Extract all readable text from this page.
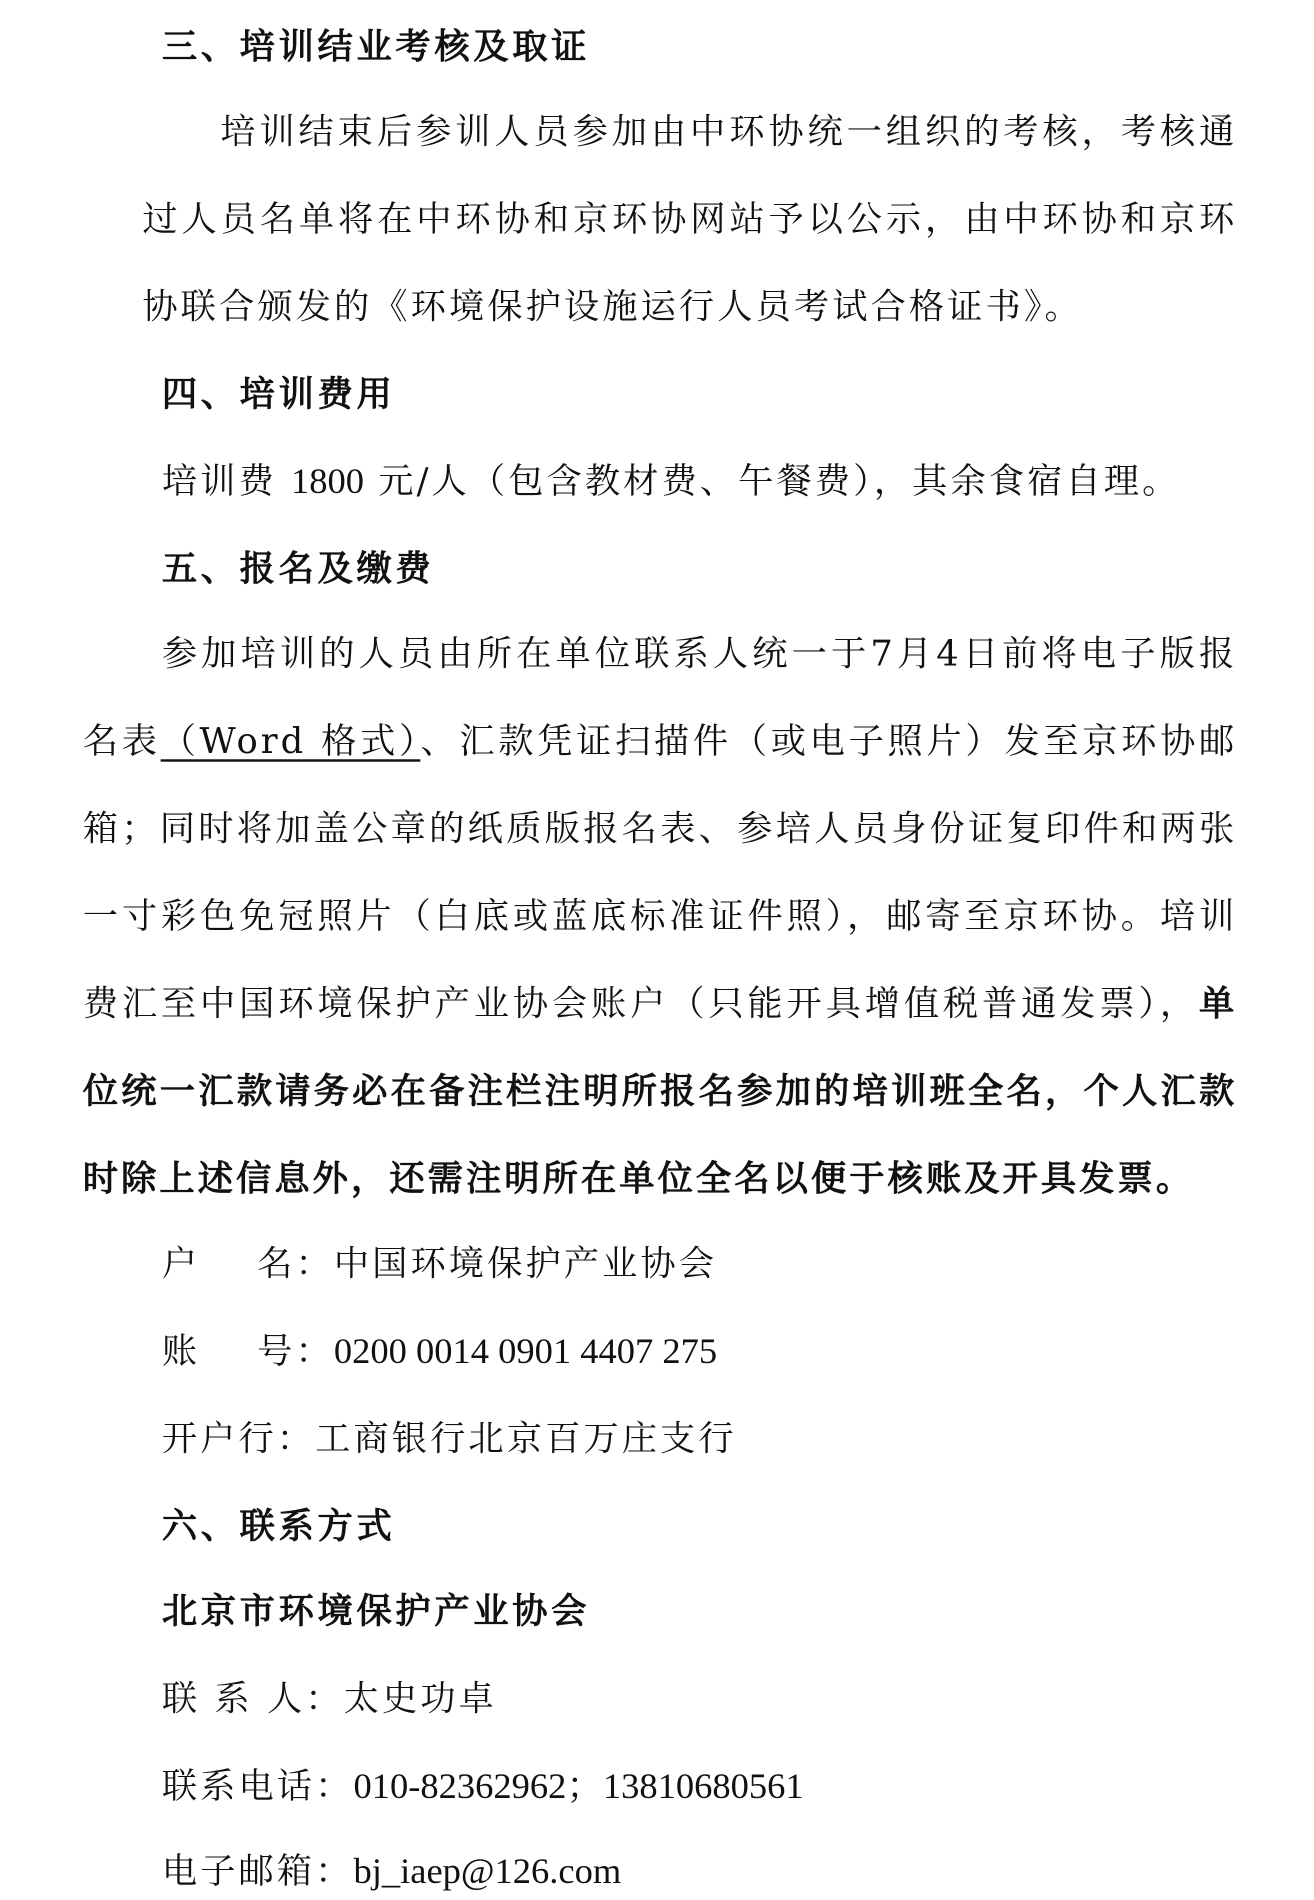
三、培训结业考核及取证
培训结束后参训人员参加由中环协统一组织的考核，考核通
过人员名单将在中环协和京环协网站予以公示，由中环协和京环
协联合颁发的《环境保护设施运行人员考试合格证书》。
四、培训费用
培训费 1800 元/人（包含教材费、午餐费），其余食宿自理。
五、报名及缴费
参加培训的人员由所在单位联系人统一于7月4日前将电子版报
名表（Word 格式）、汇款凭证扫描件（或电子照片）发至京环协邮
箱；同时将加盖公章的纸质版报名表、参培人员身份证复印件和两张
一寸彩色免冠照片（白底或蓝底标准证件照），邮寄至京环协。培训
费汇至中国环境保护产业协会账户（只能开具增值税普通发票），单
位统一汇款请务必在备注栏注明所报名参加的培训班全名，个人汇款
时除上述信息外，还需注明所在单位全名以便于核账及开具发票。
户    名：中国环境保护产业协会
账    号：0200 0014 0901 4407 275
开户行：工商银行北京百万庄支行
六、联系方式
北京市环境保护产业协会
联 系 人：太史功卓
联系电话：010-82362962；13810680561
电子邮箱：bj_iaep@126.com
